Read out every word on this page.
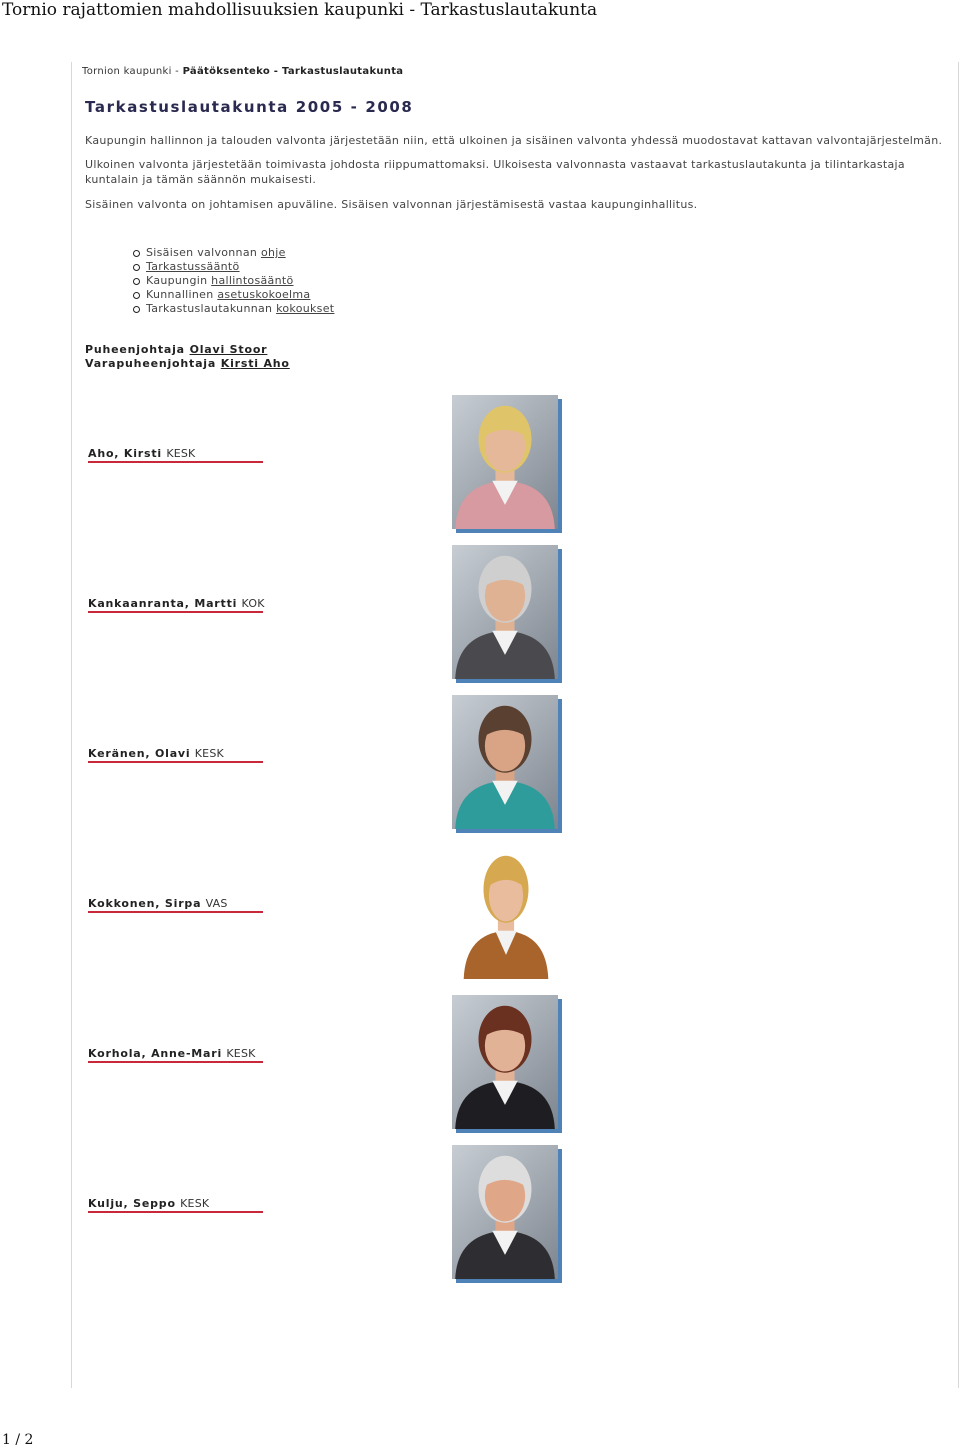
Tornio rajattomien mahdollisuuksien kaupunki - Tarkastuslautakunta
Tornion kaupunki - Päätöksenteko - Tarkastuslautakunta
Tarkastuslautakunta 2005 - 2008

Kaupungin hallinnon ja talouden valvonta järjestetään niin, että ulkoinen ja sisäinen valvonta yhdessä muodostavat kattavan valvontajärjestelmän.

Ulkoinen valvonta järjestetään toimivasta johdosta riippumattomaksi. Ulkoisesta valvonnasta vastaavat tarkastuslautakunta ja tilintarkastaja kuntalain ja tämän säännön mukaisesti.

Sisäinen valvonta on johtamisen apuväline. Sisäisen valvonnan järjestämisestä vastaa kaupunginhallitus.

Sisäisen valvonnan ohje
Tarkastussääntö
Kaupungin hallintosääntö
Kunnallinen asetuskokoelma
Tarkastuslautakunnan kokoukset
Puheenjohtaja Olavi Stoor
Varapuheenjohtaja Kirsti Aho
Aho, Kirsti KESK
Kankaanranta, Martti KOK
Keränen, Olavi KESK
Kokkonen, Sirpa VAS
Korhola, Anne-Mari KESK
Kulju, Seppo KESK
1 / 2
